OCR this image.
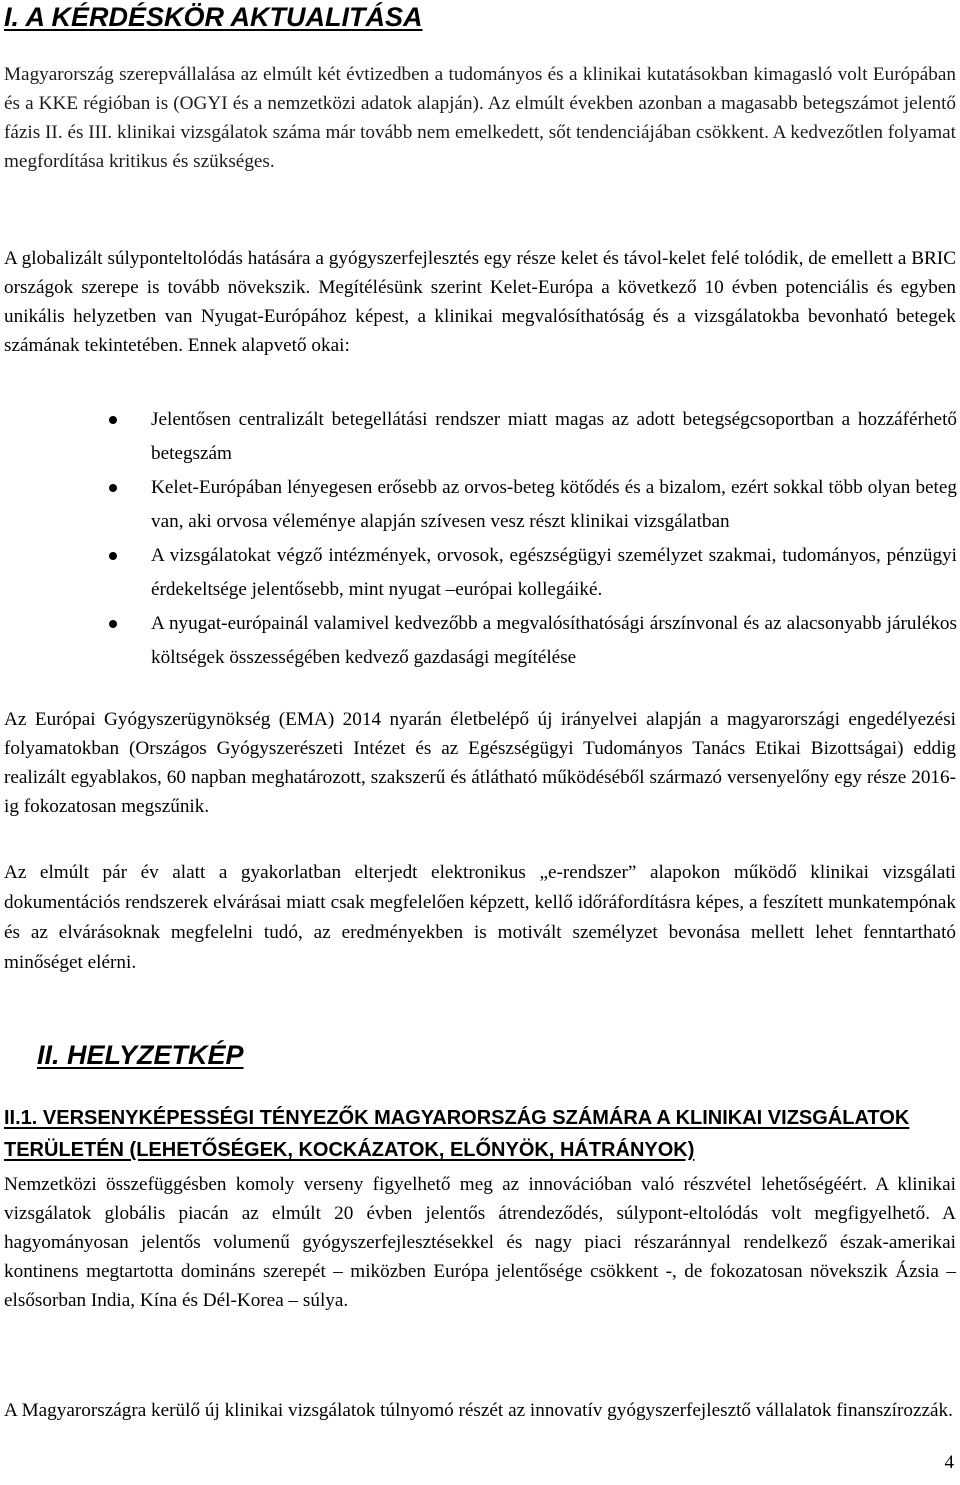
I. A KÉRDÉSKÖR AKTUALITÁSA

Magyarország szerepvállalása az elmúlt két évtizedben a tudományos és a klinikai kutatásokban kimagasló volt Európában és a KKE régióban is (OGYI és a nemzetközi adatok alapján). Az elmúlt években azonban a magasabb betegszámot jelentő fázis II. és III. klinikai vizsgálatok száma már tovább nem emelkedett, sőt tendenciájában csökkent. A kedvezőtlen folyamat megfordítása kritikus és szükséges.

A globalizált súlyponteltolódás hatására a gyógyszerfejlesztés egy része kelet és távol-kelet felé tolódik, de emellett a BRIC országok szerepe is tovább növekszik. Megítélésünk szerint Kelet-Európa a következő 10 évben potenciális és egyben unikális helyzetben van Nyugat-Európához képest, a klinikai megvalósíthatóság és a vizsgálatokba bevonható betegek számának tekintetében. Ennek alapvető okai:

Jelentősen centralizált betegellátási rendszer miatt magas az adott betegségcsoportban a hozzáférhető betegszám
Kelet-Európában lényegesen erősebb az orvos-beteg kötődés és a bizalom, ezért sokkal több olyan beteg van, aki orvosa véleménye alapján szívesen vesz részt klinikai vizsgálatban
A vizsgálatokat végző intézmények, orvosok, egészségügyi személyzet szakmai, tudományos, pénzügyi érdekeltsége jelentősebb, mint nyugat –európai kollegáiké.
A nyugat-európainál valamivel kedvezőbb a megvalósíthatósági árszínvonal és az alacsonyabb járulékos költségek összességében kedvező gazdasági megítélése

Az Európai Gyógyszerügynökség (EMA) 2014 nyarán életbelépő új irányelvei alapján a magyarországi engedélyezési folyamatokban (Országos Gyógyszerészeti Intézet és az Egészségügyi Tudományos Tanács Etikai Bizottságai) eddig realizált egyablakos, 60 napban meghatározott, szakszerű és átlátható működéséből származó versenyelőny egy része 2016-ig fokozatosan megszűnik.

Az elmúlt pár év alatt a gyakorlatban elterjedt elektronikus „e-rendszer” alapokon működő klinikai vizsgálati dokumentációs rendszerek elvárásai miatt csak megfelelően képzett, kellő időráfordításra képes, a feszített munkatempónak és az elvárásoknak megfelelni tudó, az eredményekben is motivált személyzet bevonása mellett lehet fenntartható minőséget elérni.

II. HELYZETKÉP
II.1. VERSENYKÉPESSÉGI TÉNYEZŐK MAGYARORSZÁG SZÁMÁRA A KLINIKAI VIZSGÁLATOK TERÜLETÉN (LEHETŐSÉGEK, KOCKÁZATOK, ELŐNYÖK, HÁTRÁNYOK)

Nemzetközi összefüggésben komoly verseny figyelhető meg az innovációban való részvétel lehetőségéért. A klinikai vizsgálatok globális piacán az elmúlt 20 évben jelentős átrendeződés, súlypont-eltolódás volt megfigyelhető. A hagyományosan jelentős volumenű gyógyszerfejlesztésekkel és nagy piaci részaránnyal rendelkező észak-amerikai kontinens megtartotta domináns szerepét – miközben Európa jelentősége csökkent -, de fokozatosan növekszik Ázsia – elsősorban India, Kína és Dél-Korea – súlya.

A Magyarországra kerülő új klinikai vizsgálatok túlnyomó részét az innovatív gyógyszerfejlesztő vállalatok finanszírozzák.

4
